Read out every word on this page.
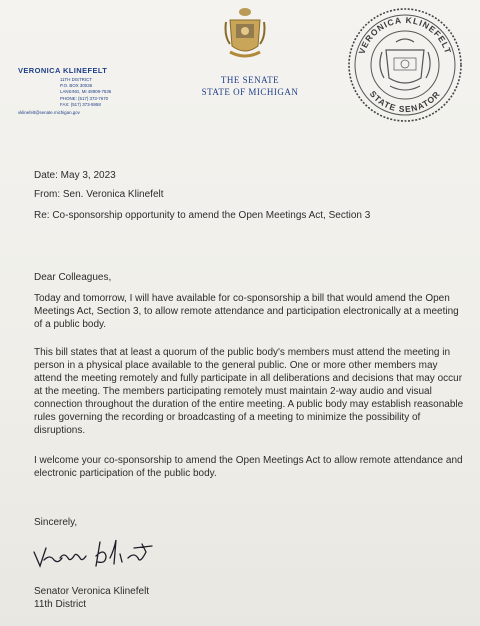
VERONICA KLINEFELT
11TH DISTRICT
P.O. BOX 30036
LANSING, MI 48909-7536
PHONE: (517) 373-7670
FAX: (517) 373-5958
vklinefelt@senate.michigan.gov
THE SENATE
STATE OF MICHIGAN
VERONICA KLINEFELT
STATE SENATOR
Date: May 3, 2023
From: Sen. Veronica Klinefelt
Re: Co-sponsorship opportunity to amend the Open Meetings Act, Section 3
Dear Colleagues,
Today and tomorrow, I will have available for co-sponsorship a bill that would amend the Open Meetings Act, Section 3, to allow remote attendance and participation electronically at a meeting of a public body.
This bill states that at least a quorum of the public body's members must attend the meeting in person in a physical place available to the general public. One or more other members may attend the meeting remotely and fully participate in all deliberations and decisions that may occur at the meeting. The members participating remotely must maintain 2-way audio and visual connection throughout the duration of the entire meeting. A public body may establish reasonable rules governing the recording or broadcasting of a meeting to minimize the possibility of disruptions.
I welcome your co-sponsorship to amend the Open Meetings Act to allow remote attendance and electronic participation of the public body.
Sincerely,
Senator Veronica Klinefelt
11th District
